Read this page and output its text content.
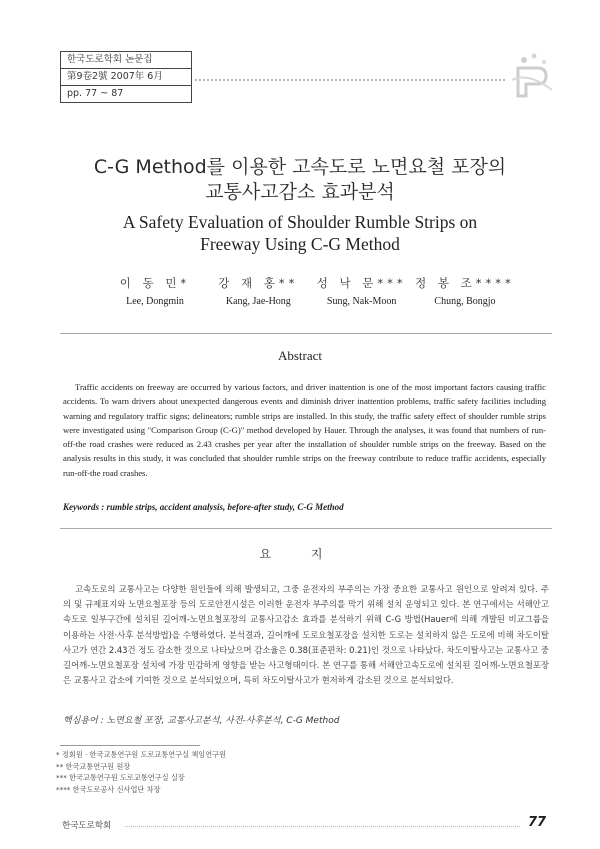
한국도로학회 논문집
第9卷2號 2007年 6月
pp. 77 ~ 87
C-G Method를 이용한 고속도로 노면요철 포장의
교통사고감소 효과분석
A Safety Evaluation of Shoulder Rumble Strips on
Freeway Using C-G Method
이 동 민*
Lee, Dongmin
강 재 홍**
Kang, Jae-Hong
성 낙 문***
Sung, Nak-Moon
정 봉 조****
Chung, Bongjo
Abstract
Traffic accidents on freeway are occurred by various factors, and driver inattention is one of the most important factors causing traffic accidents. To warn drivers about unexpected dangerous events and diminish driver inattention problems, traffic safety facilities including warning and regulatory traffic signs; delineators; rumble strips are installed. In this study, the traffic safety effect of shoulder rumble strips were investigated using "Comparison Group (C-G)" method developed by Hauer. Through the analyses, it was found that numbers of run-off-the road crashes were reduced as 2.43 crashes per year after the installation of shoulder rumble strips on the freeway. Based on the analysis results in this study, it was concluded that shoulder rumble strips on the freeway contribute to reduce traffic accidents, especially run-off-the road crashes.
Keywords : rumble strips, accident analysis, before-after study, C-G Method
요 지
고속도로의 교통사고는 다양한 원인들에 의해 발생되고, 그중 운전자의 부주의는 가장 중요한 교통사고 원인으로 알려져 있다. 주의 및 규제표지와 노면요철포장 등의 도로안전시설은 이러한 운전자 부주의를 막기 위해 설치 운영되고 있다. 본 연구에서는 서해안고속도로 일부구간에 설치된 길어깨-노면요철포장의 교통사고감소 효과를 분석하기 위해 C-G 방법(Hauer에 의해 개발된 비교그룹을 이용하는 사전·사후 분석방법)을 수행하였다. 분석결과, 길어깨에 도로요철포장을 설치한 도로는 설치하지 않은 도로에 비해 차도이탈사고가 연간 2.43건 정도 감소한 것으로 나타났으며 감소율은 0.38(표준편차: 0.21)인 것으로 나타났다. 차도이탈사고는 교통사고 중 길어깨-노면요철포장 설치에 가장 민감하게 영향을 받는 사고형태이다. 본 연구를 통해 서해안고속도로에 설치된 길어깨-노면요철포장은 교통사고 감소에 기여한 것으로 분석되었으며, 특히 차도이탈사고가 현저하게 감소된 것으로 분석되었다.
핵심용어 : 노면요철 포장, 교통사고분석, 사전-사후분석, C-G Method
* 정회원 · 한국교통연구원 도로교통연구실 책임연구원
** 한국교통연구원 원장
*** 한국교통연구원 도로교통연구실 실장
**** 한국도로공사 신사업단 차장
한국도로학회	77
